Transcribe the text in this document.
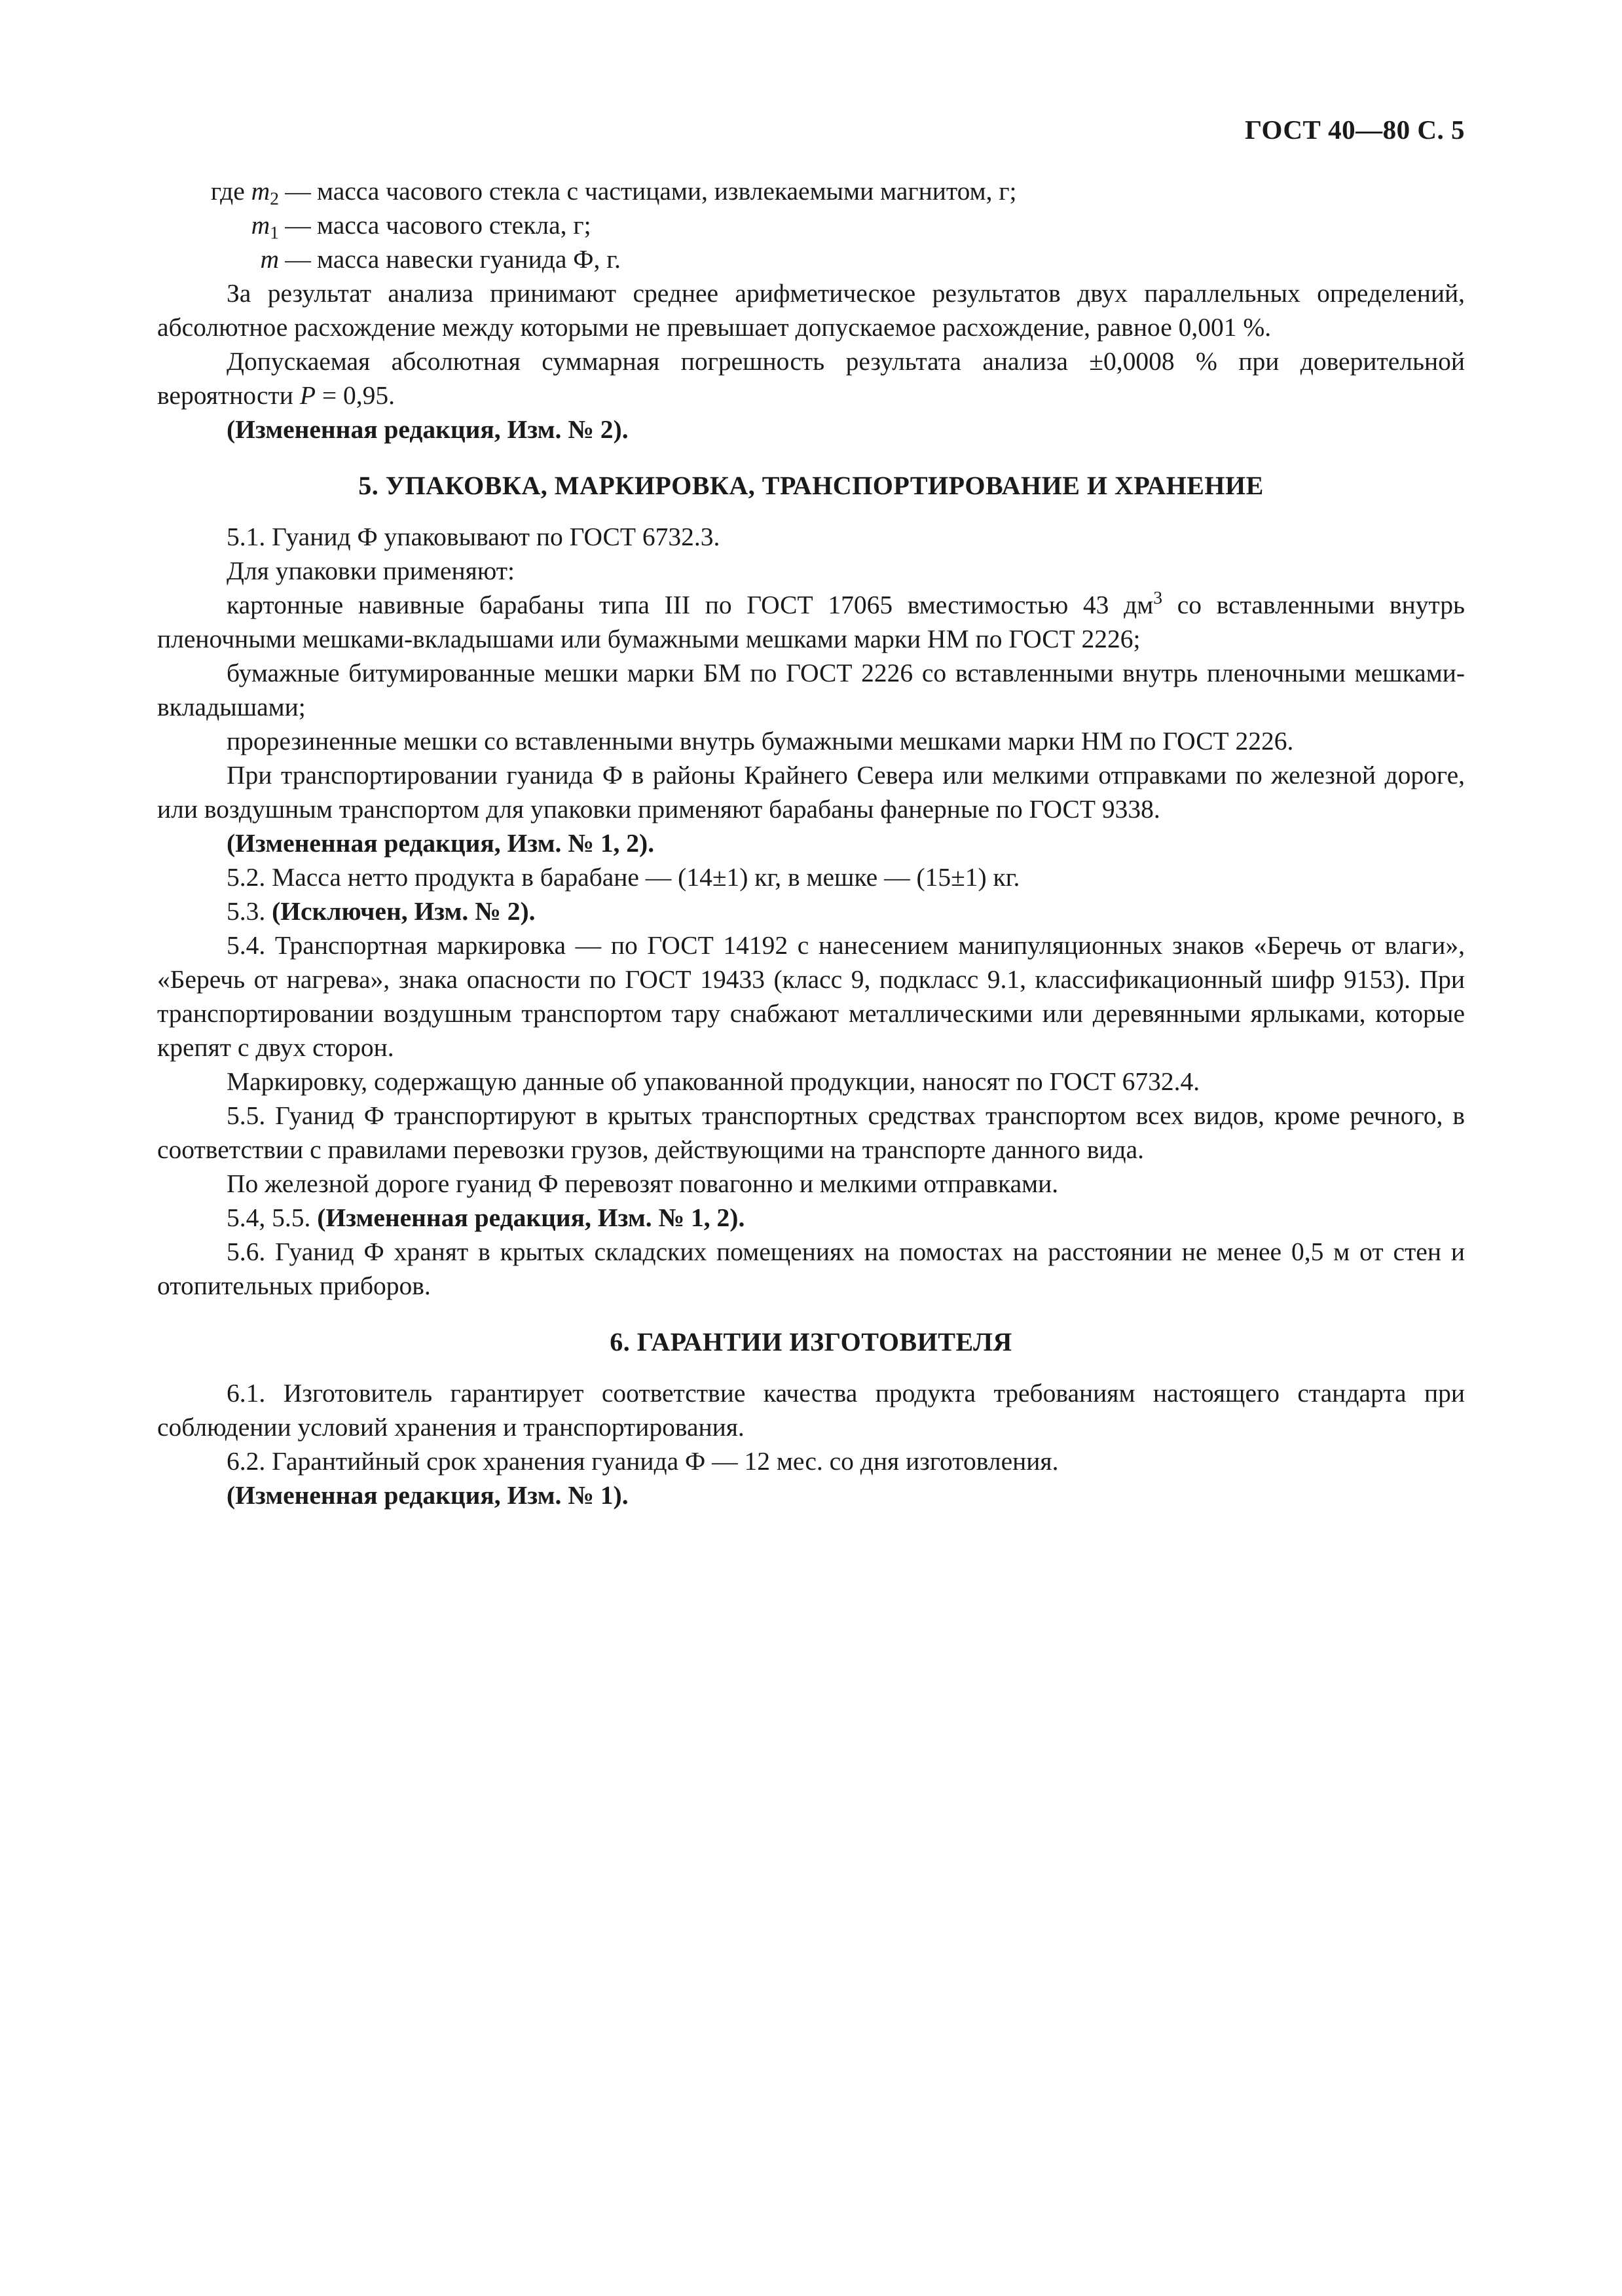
ГОСТ 40—80 С. 5
где $m_2$ — масса часового стекла с частицами, извлекаемыми магнитом, г;
$m_1$ — масса часового стекла, г;
m — масса навески гуанида Ф, г.

За результат анализа принимают среднее арифметическое результатов двух параллельных определений, абсолютное расхождение между которыми не превышает допускаемое расхождение, равное 0,001 %.

Допускаемая абсолютная суммарная погрешность результата анализа ±0,0008 % при доверительной вероятности P = 0,95.

(Измененная редакция, Изм. № 2).

5. УПАКОВКА, МАРКИРОВКА, ТРАНСПОРТИРОВАНИЕ И ХРАНЕНИЕ

5.1. Гуанид Ф упаковывают по ГОСТ 6732.3.

Для упаковки применяют:

картонные навивные барабаны типа III по ГОСТ 17065 вместимостью 43 $дм^3$ со вставленными внутрь пленочными мешками-вкладышами или бумажными мешками марки НМ по ГОСТ 2226;

бумажные битумированные мешки марки БМ по ГОСТ 2226 со вставленными внутрь пленочными мешками-вкладышами;

прорезиненные мешки со вставленными внутрь бумажными мешками марки НМ по ГОСТ 2226.

При транспортировании гуанида Ф в районы Крайнего Севера или мелкими отправками по железной дороге, или воздушным транспортом для упаковки применяют барабаны фанерные по ГОСТ 9338.

(Измененная редакция, Изм. № 1, 2).

5.2. Масса нетто продукта в барабане — (14±1) кг, в мешке — (15±1) кг.

5.3. (Исключен, Изм. № 2).

5.4. Транспортная маркировка — по ГОСТ 14192 с нанесением манипуляционных знаков «Беречь от влаги», «Беречь от нагрева», знака опасности по ГОСТ 19433 (класс 9, подкласс 9.1, классификационный шифр 9153). При транспортировании воздушным транспортом тару снабжают металлическими или деревянными ярлыками, которые крепят с двух сторон.

Маркировку, содержащую данные об упакованной продукции, наносят по ГОСТ 6732.4.

5.5. Гуанид Ф транспортируют в крытых транспортных средствах транспортом всех видов, кроме речного, в соответствии с правилами перевозки грузов, действующими на транспорте данного вида.

По железной дороге гуанид Ф перевозят повагонно и мелкими отправками.

5.4, 5.5. (Измененная редакция, Изм. № 1, 2).

5.6. Гуанид Ф хранят в крытых складских помещениях на помостах на расстоянии не менее 0,5 м от стен и отопительных приборов.

6. ГАРАНТИИ ИЗГОТОВИТЕЛЯ

6.1. Изготовитель гарантирует соответствие качества продукта требованиям настоящего стандарта при соблюдении условий хранения и транспортирования.

6.2. Гарантийный срок хранения гуанида Ф — 12 мес. со дня изготовления.

(Измененная редакция, Изм. № 1).
